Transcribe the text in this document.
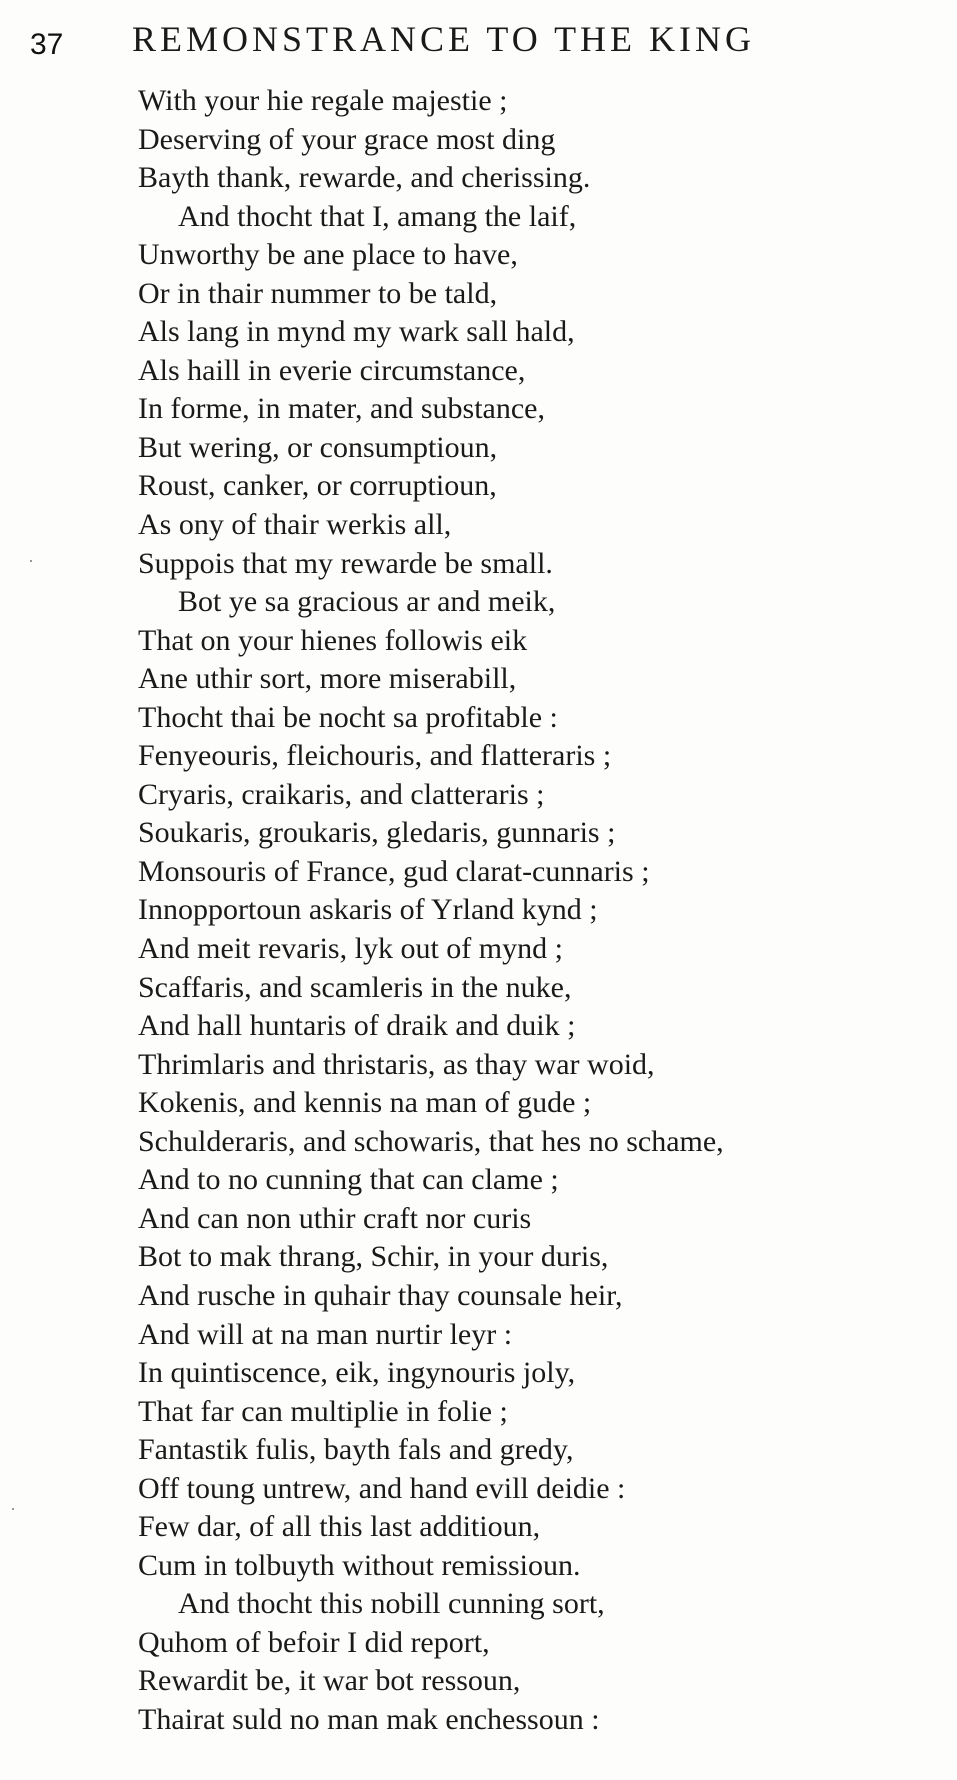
37 REMONSTRANCE TO THE KING
With your hie regale majestie ;
Deserving of your grace most ding
Bayth thank, rewarde, and cherissing.
And thocht that I, amang the laif,
Unworthy be ane place to have,
Or in thair nummer to be tald,
Als lang in mynd my wark sall hald,
Als haill in everie circumstance,
In forme, in mater, and substance,
But wering, or consumptioun,
Roust, canker, or corruptioun,
As ony of thair werkis all,
Suppois that my rewarde be small.
Bot ye sa gracious ar and meik,
That on your hienes followis eik
Ane uthir sort, more miserabill,
Thocht thai be nocht sa profitable :
Fenyeouris, fleichouris, and flatteraris ;
Cryaris, craikaris, and clatteraris ;
Soukaris, groukaris, gledaris, gunnaris ;
Monsouris of France, gud clarat-cunnaris ;
Innopportoun askaris of Yrland kynd ;
And meit revaris, lyk out of mynd ;
Scaffaris, and scamleris in the nuke,
And hall huntaris of draik and duik ;
Thrimlaris and thristaris, as thay war woid,
Kokenis, and kennis na man of gude ;
Schulderaris, and schowaris, that hes no schame,
And to no cunning that can clame ;
And can non uthir craft nor curis
Bot to mak thrang, Schir, in your duris,
And rusche in quhair thay counsale heir,
And will at na man nurtir leyr :
In quintiscence, eik, ingynouris joly,
That far can multiplie in folie ;
Fantastik fulis, bayth fals and gredy,
Off toung untrew, and hand evill deidie :
Few dar, of all this last additioun,
Cum in tolbuyth without remissioun.
And thocht this nobill cunning sort,
Quhom of befoir I did report,
Rewardit be, it war bot ressoun,
Thairat suld no man mak enchessoun :
